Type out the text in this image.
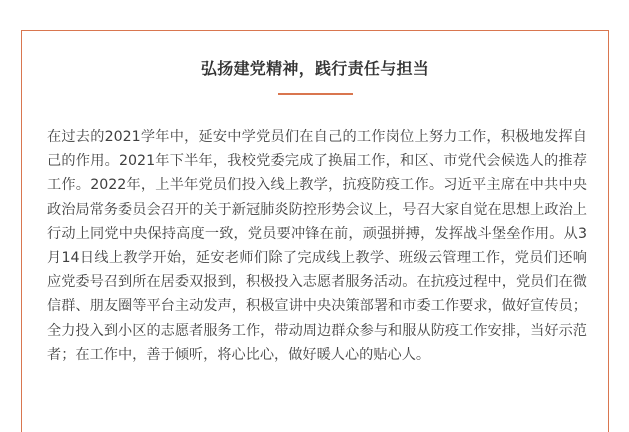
弘扬建党精神，践行责任与担当

在过去的2021学年中，延安中学党员们在自己的工作岗位上努力工作，积极地发挥自己的作用。2021年下半年，我校党委完成了换届工作，和区、市党代会候选人的推荐工作。2022年，上半年党员们投入线上教学，抗疫防疫工作。习近平主席在中共中央政治局常务委员会召开的关于新冠肺炎防控形势会议上，号召大家自觉在思想上政治上行动上同党中央保持高度一致，党员要冲锋在前，顽强拼搏，发挥战斗堡垒作用。从3月14日线上教学开始，延安老师们除了完成线上教学、班级云管理工作，党员们还响应党委号召到所在居委双报到，积极投入志愿者服务活动。在抗疫过程中，党员们在微信群、朋友圈等平台主动发声，积极宣讲中央决策部署和市委工作要求，做好宣传员；全力投入到小区的志愿者服务工作，带动周边群众参与和服从防疫工作安排，当好示范者；在工作中，善于倾听，将心比心，做好暖人心的贴心人。
